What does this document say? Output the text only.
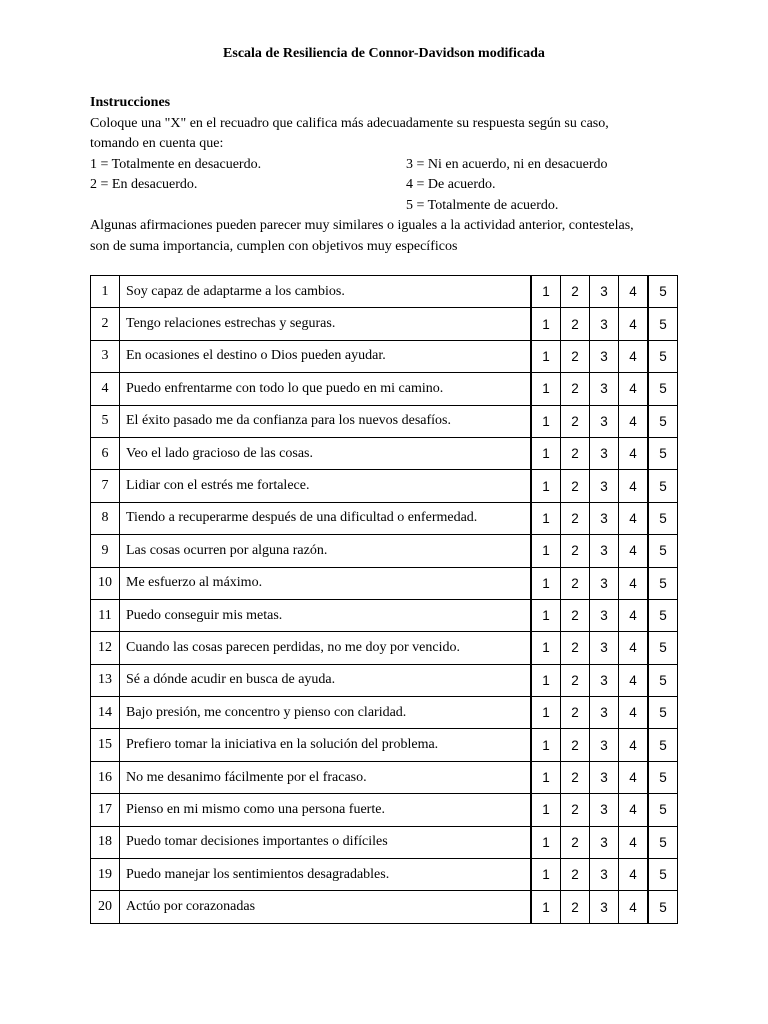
Escala de Resiliencia de Connor-Davidson modificada
Instrucciones
Coloque una "X" en el recuadro que califica más adecuadamente su respuesta según su caso,
tomando en cuenta que:
1 = Totalmente en desacuerdo.	3 = Ni en acuerdo, ni en desacuerdo
2 = En desacuerdo.	4 = De acuerdo.
5 = Totalmente de acuerdo.
Algunas afirmaciones pueden parecer muy similares o iguales a la actividad anterior, contestelas,
son de suma importancia, cumplen con objetivos muy específicos
1	Soy capaz de adaptarme a los cambios.	1	2	3	4	5
2	Tengo relaciones estrechas y seguras.	1	2	3	4	5
3	En ocasiones el destino o Dios pueden ayudar.	1	2	3	4	5
4	Puedo enfrentarme con todo lo que puedo en mi camino.	1	2	3	4	5
5	El éxito pasado me da confianza para los nuevos desafíos.	1	2	3	4	5
6	Veo el lado gracioso de las cosas.	1	2	3	4	5
7	Lidiar con el estrés me fortalece.	1	2	3	4	5
8	Tiendo a recuperarme después de una dificultad o enfermedad.	1	2	3	4	5
9	Las cosas ocurren por alguna razón.	1	2	3	4	5
10	Me esfuerzo al máximo.	1	2	3	4	5
11	Puedo conseguir mis metas.	1	2	3	4	5
12	Cuando las cosas parecen perdidas, no me doy por vencido.	1	2	3	4	5
13	Sé a dónde acudir en busca de ayuda.	1	2	3	4	5
14	Bajo presión, me concentro y pienso con claridad.	1	2	3	4	5
15	Prefiero tomar la iniciativa en la solución del problema.	1	2	3	4	5
16	No me desanimo fácilmente por el fracaso.	1	2	3	4	5
17	Pienso en mi mismo como una persona fuerte.	1	2	3	4	5
18	Puedo tomar decisiones importantes o difíciles	1	2	3	4	5
19	Puedo manejar los sentimientos desagradables.	1	2	3	4	5
20	Actúo por corazonadas	1	2	3	4	5
